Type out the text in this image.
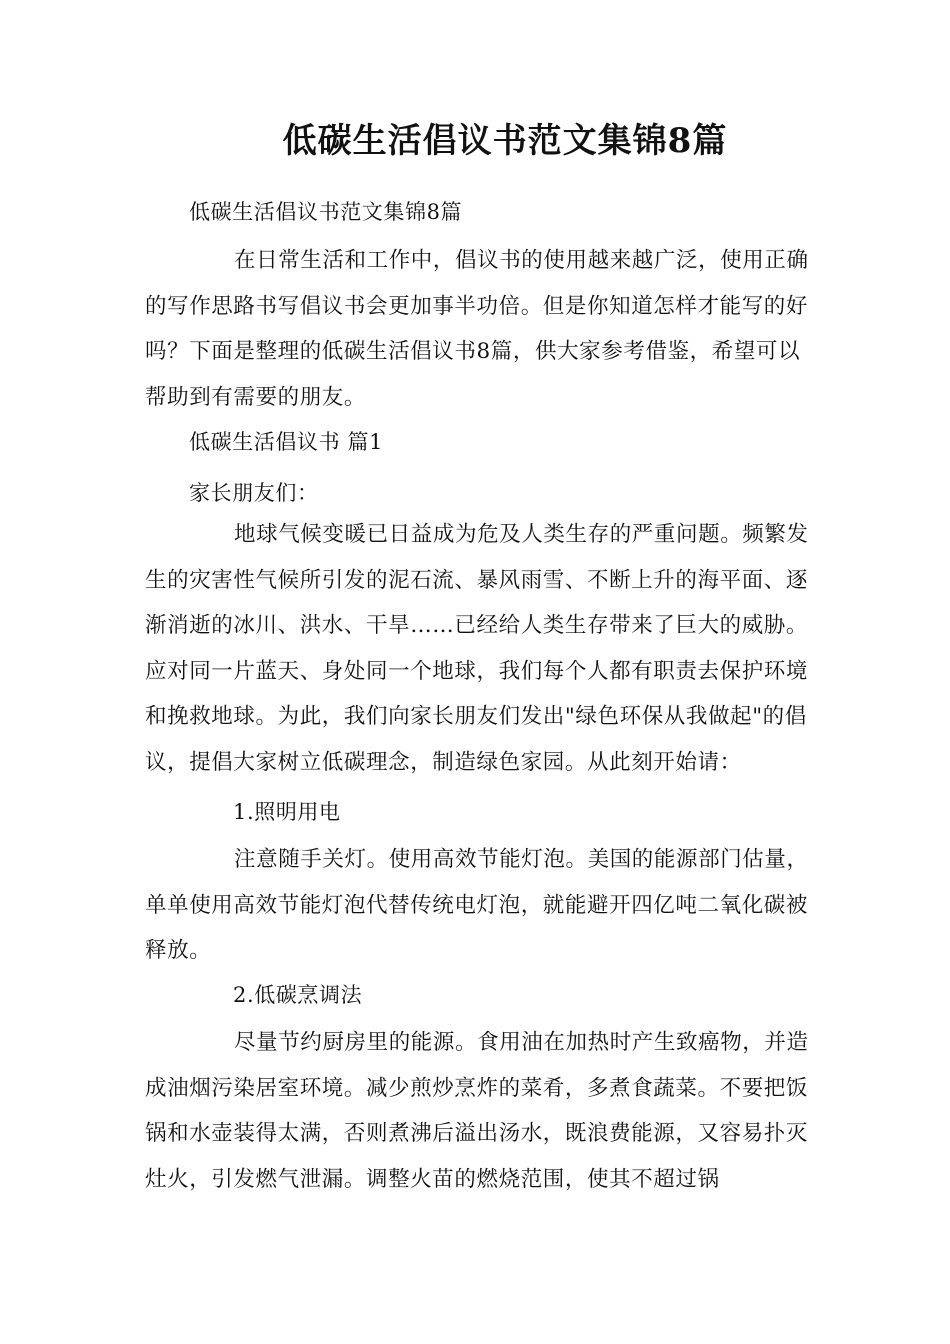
低碳生活倡议书范文集锦8篇

低碳生活倡议书范文集锦8篇

在日常生活和工作中，倡议书的使用越来越广泛，使用正确的写作思路书写倡议书会更加事半功倍。但是你知道怎样才能写的好吗？下面是整理的低碳生活倡议书8篇，供大家参考借鉴，希望可以帮助到有需要的朋友。

低碳生活倡议书 篇1

家长朋友们：

地球气候变暖已日益成为危及人类生存的严重问题。频繁发生的灾害性气候所引发的泥石流、暴风雨雪、不断上升的海平面、逐渐消逝的冰川、洪水、干旱……已经给人类生存带来了巨大的威胁。应对同一片蓝天、身处同一个地球，我们每个人都有职责去保护环境和挽救地球。为此，我们向家长朋友们发出"绿色环保从我做起"的倡议，提倡大家树立低碳理念，制造绿色家园。从此刻开始请：

1.照明用电

注意随手关灯。使用高效节能灯泡。美国的能源部门估量，单单使用高效节能灯泡代替传统电灯泡，就能避开四亿吨二氧化碳被释放。

2.低碳烹调法

尽量节约厨房里的能源。食用油在加热时产生致癌物，并造成油烟污染居室环境。减少煎炒烹炸的菜肴，多煮食蔬菜。不要把饭锅和水壶装得太满，否则煮沸后溢出汤水，既浪费能源，又容易扑灭灶火，引发燃气泄漏。调整火苗的燃烧范围，使其不超过锅
